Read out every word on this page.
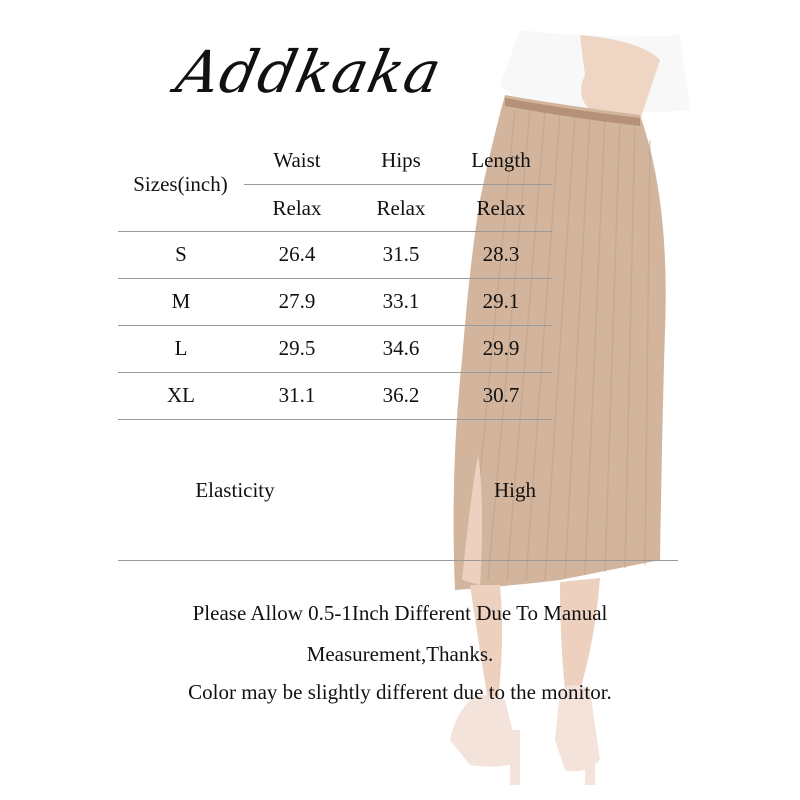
Addkaka
Sizes(inch)
Waist	Hips	Length
Relax	Relax	Relax
S	26.4	31.5	28.3
M	27.9	33.1	29.1
L	29.5	34.6	29.9
XL	31.1	36.2	30.7
Elasticity	High
Please Allow 0.5-1Inch Different Due To Manual
Measurement,Thanks.
Color may be slightly different due to the monitor.
